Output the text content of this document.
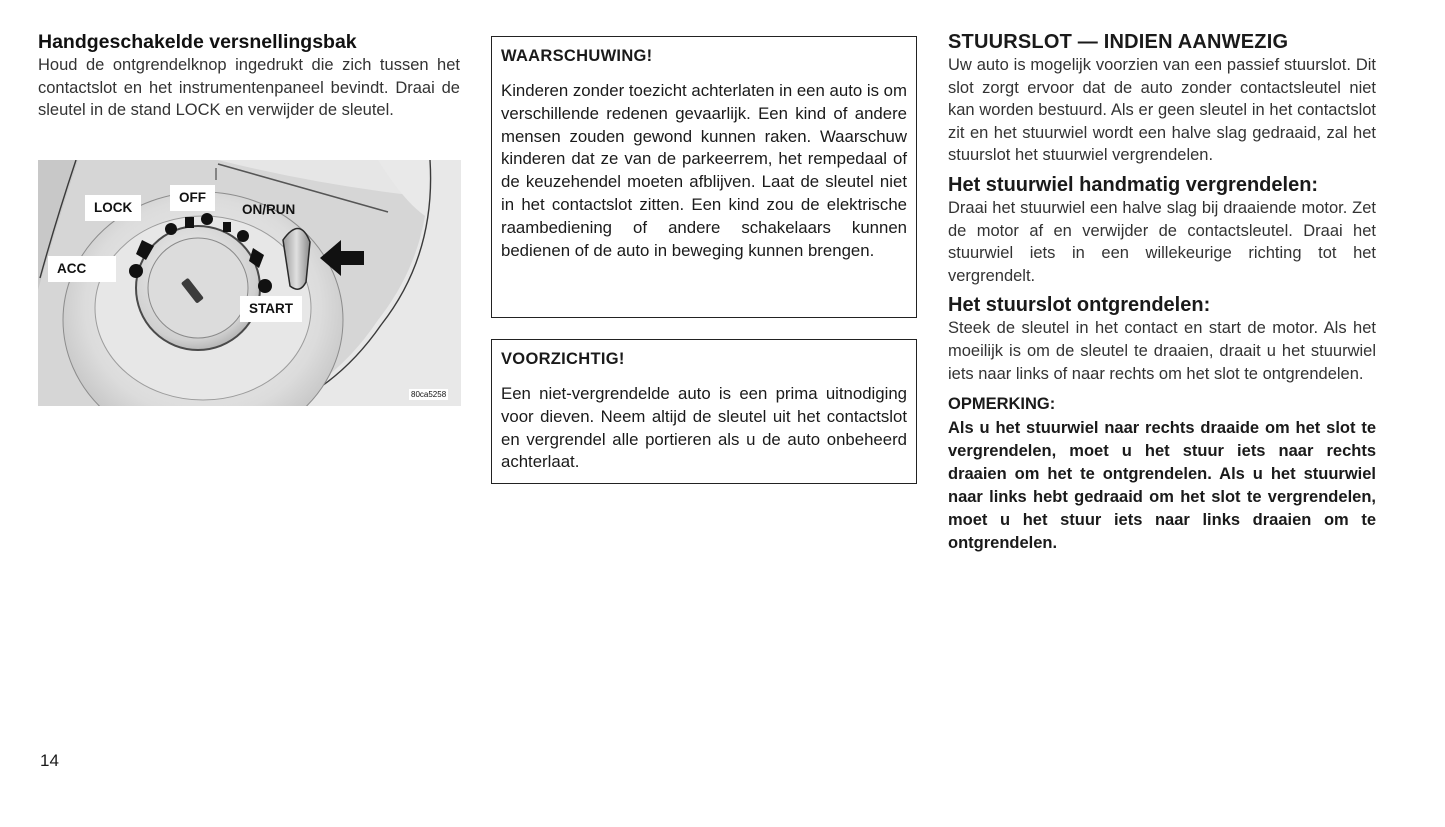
Handgeschakelde versnellingsbak

Houd de ontgrendelknop ingedrukt die zich tussen het contactslot en het instrumentenpaneel bevindt. Draai de sleutel in de stand LOCK en verwijder de sleutel.

LOCK
OFF
ON/RUN
ACC
START
80ca5258
WAARSCHUWING!

Kinderen zonder toezicht achterlaten in een auto is om verschillende redenen gevaarlijk. Een kind of andere mensen zouden gewond kunnen raken. Waarschuw kinderen dat ze van de parkeerrem, het rempedaal of de keuzehendel moeten afblijven. Laat de sleutel niet in het contactslot zitten. Een kind zou de elektrische raambediening of andere schakelaars kunnen bedienen of de auto in beweging kunnen brengen.

VOORZICHTIG!

Een niet-vergrendelde auto is een prima uitnodiging voor dieven. Neem altijd de sleutel uit het contactslot en vergrendel alle portieren als u de auto onbeheerd achterlaat.

STUURSLOT — INDIEN AANWEZIG

Uw auto is mogelijk voorzien van een passief stuurslot. Dit slot zorgt ervoor dat de auto zonder contactsleutel niet kan worden bestuurd. Als er geen sleutel in het contactslot zit en het stuurwiel wordt een halve slag gedraaid, zal het stuurslot het stuurwiel vergrendelen.

Het stuurwiel handmatig vergrendelen:

Draai het stuurwiel een halve slag bij draaiende motor. Zet de motor af en verwijder de contactsleutel. Draai het stuurwiel iets in een willekeurige richting tot het vergrendelt.

Het stuurslot ontgrendelen:

Steek de sleutel in het contact en start de motor. Als het moeilijk is om de sleutel te draaien, draait u het stuurwiel iets naar links of naar rechts om het slot te ontgrendelen.

OPMERKING:

Als u het stuurwiel naar rechts draaide om het slot te vergrendelen, moet u het stuur iets naar rechts draaien om het te ontgrendelen. Als u het stuurwiel naar links hebt gedraaid om het slot te vergrendelen, moet u het stuur iets naar links draaien om te ontgrendelen.

14
